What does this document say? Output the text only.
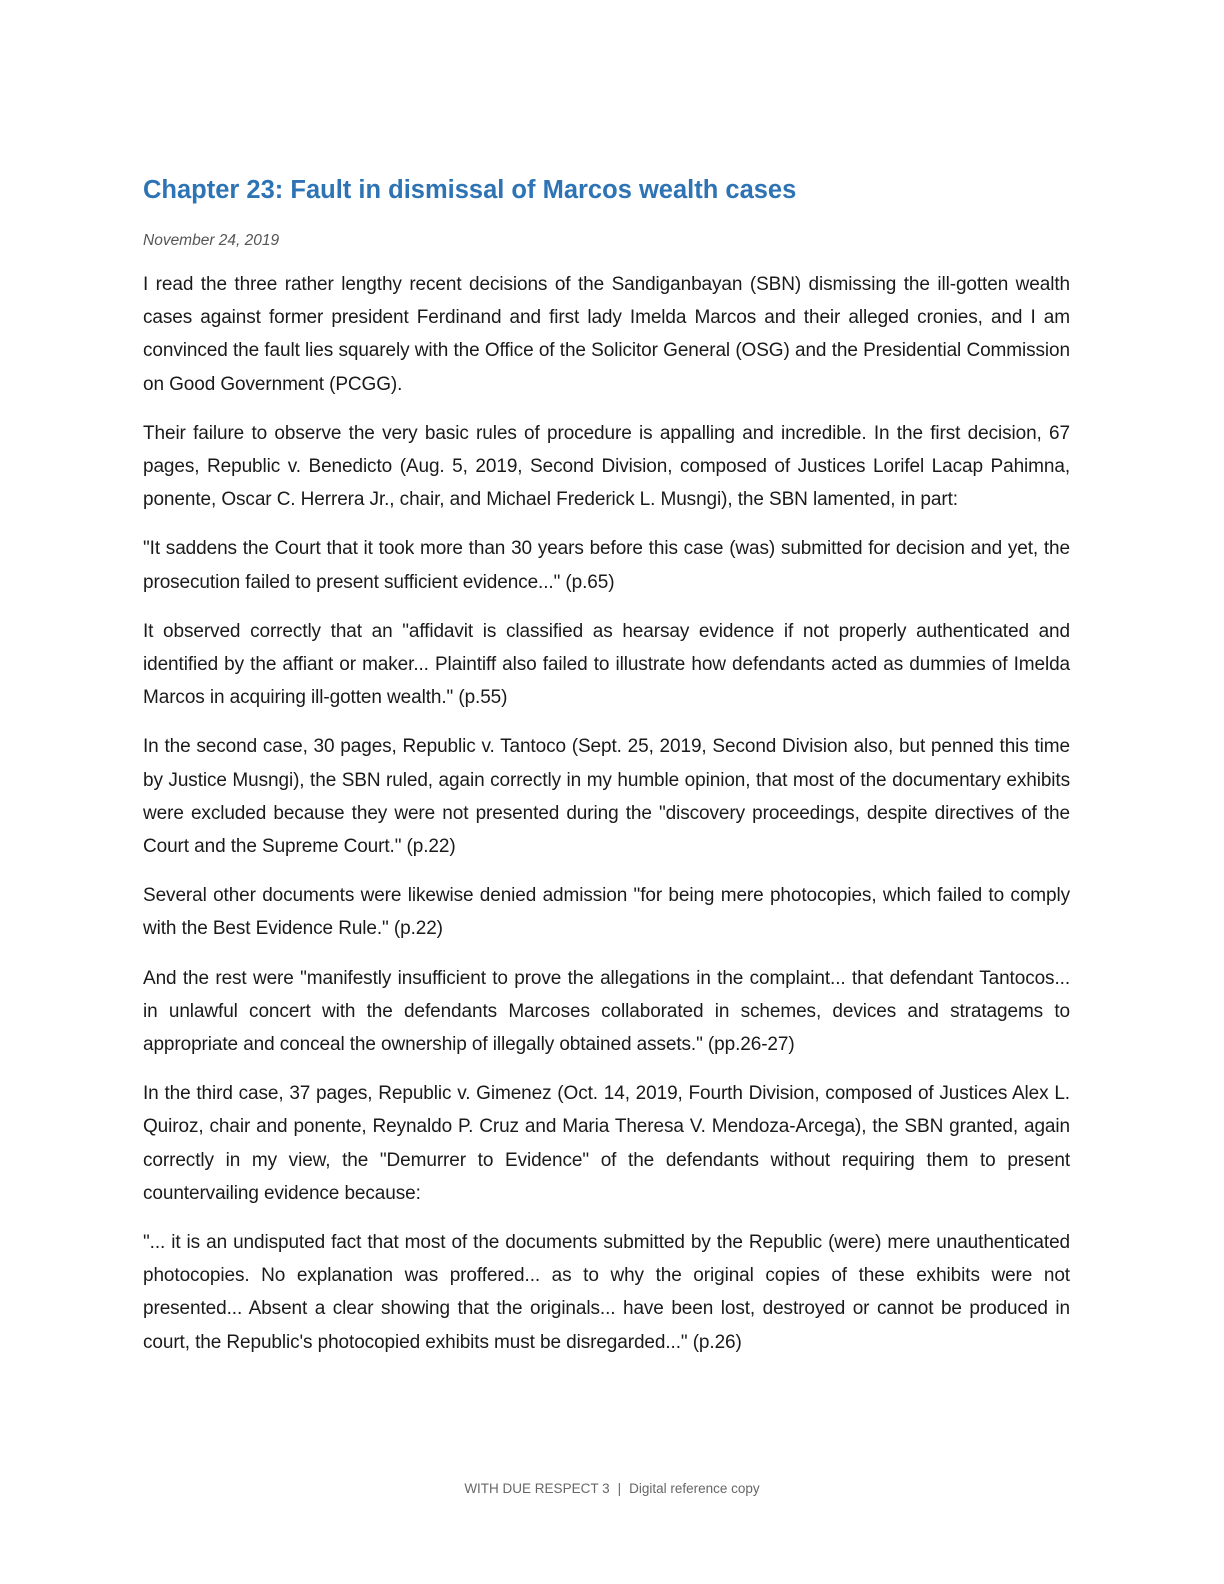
Chapter 23: Fault in dismissal of Marcos wealth cases

November 24, 2019

I read the three rather lengthy recent decisions of the Sandiganbayan (SBN) dismissing the ill-gotten wealth cases against former president Ferdinand and first lady Imelda Marcos and their alleged cronies, and I am convinced the fault lies squarely with the Office of the Solicitor General (OSG) and the Presidential Commission on Good Government (PCGG).

Their failure to observe the very basic rules of procedure is appalling and incredible. In the first decision, 67 pages, Republic v. Benedicto (Aug. 5, 2019, Second Division, composed of Justices Lorifel Lacap Pahimna, ponente, Oscar C. Herrera Jr., chair, and Michael Frederick L. Musngi), the SBN lamented, in part:

"It saddens the Court that it took more than 30 years before this case (was) submitted for decision and yet, the prosecution failed to present sufficient evidence..." (p.65)

It observed correctly that an "affidavit is classified as hearsay evidence if not properly authenticated and identified by the affiant or maker... Plaintiff also failed to illustrate how defendants acted as dummies of Imelda Marcos in acquiring ill-gotten wealth." (p.55)

In the second case, 30 pages, Republic v. Tantoco (Sept. 25, 2019, Second Division also, but penned this time by Justice Musngi), the SBN ruled, again correctly in my humble opinion, that most of the documentary exhibits were excluded because they were not presented during the "discovery proceedings, despite directives of the Court and the Supreme Court." (p.22)

Several other documents were likewise denied admission "for being mere photocopies, which failed to comply with the Best Evidence Rule." (p.22)

And the rest were "manifestly insufficient to prove the allegations in the complaint... that defendant Tantocos... in unlawful concert with the defendants Marcoses collaborated in schemes, devices and stratagems to appropriate and conceal the ownership of illegally obtained assets." (pp.26-27)

In the third case, 37 pages, Republic v. Gimenez (Oct. 14, 2019, Fourth Division, composed of Justices Alex L. Quiroz, chair and ponente, Reynaldo P. Cruz and Maria Theresa V. Mendoza-Arcega), the SBN granted, again correctly in my view, the "Demurrer to Evidence" of the defendants without requiring them to present countervailing evidence because:

"... it is an undisputed fact that most of the documents submitted by the Republic (were) mere unauthenticated photocopies. No explanation was proffered... as to why the original copies of these exhibits were not presented... Absent a clear showing that the originals... have been lost, destroyed or cannot be produced in court, the Republic's photocopied exhibits must be disregarded..." (p.26)

WITH DUE RESPECT 3 | Digital reference copy
